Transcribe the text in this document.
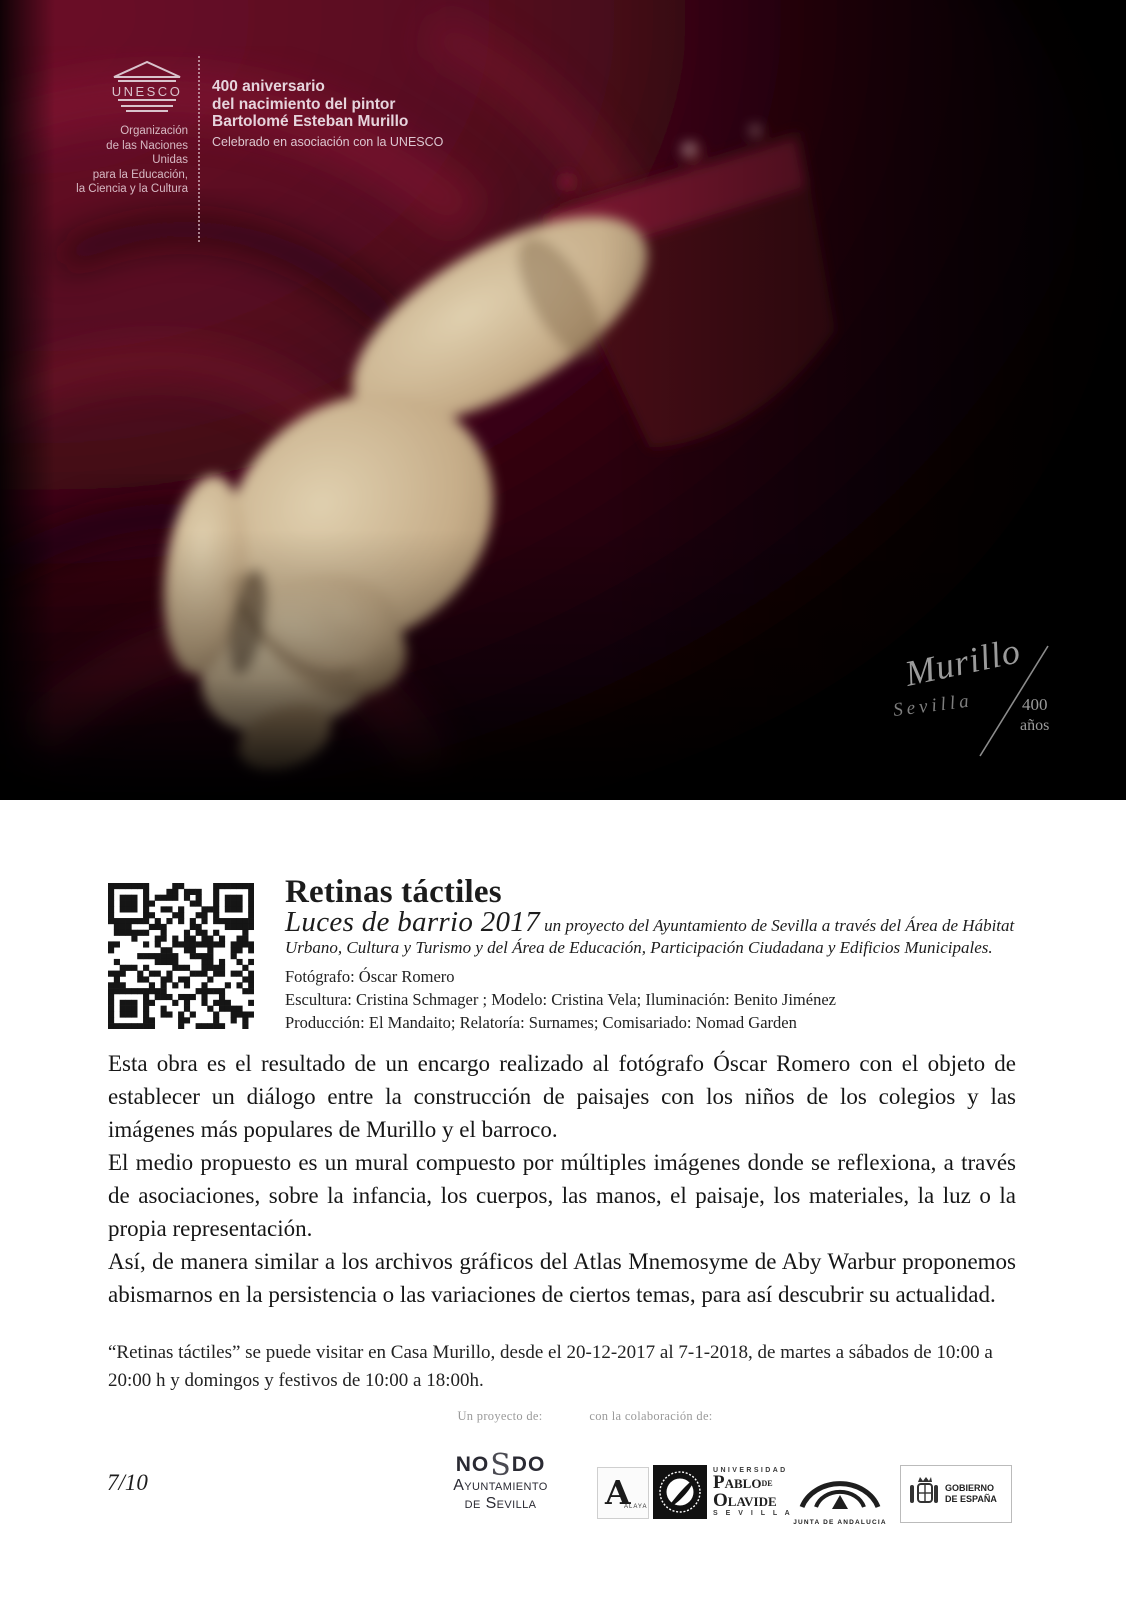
UNESCO
Organización
de las Naciones Unidas
para la Educación,
la Ciencia y la Cultura
400 aniversario
del nacimiento del pintor
Bartolomé Esteban Murillo
Celebrado en asociación con la UNESCO
Murillo
Sevilla	400
años
Retinas táctiles
Luces de barrio 2017 un proyecto del Ayuntamiento de Sevilla a través del Área de Hábitat Urbano, Cultura y Turismo y del Área de Educación, Participación Ciudadana y Edificios Municipales.
Fotógrafo: Óscar Romero
Escultura: Cristina Schmager ; Modelo: Cristina Vela; Iluminación: Benito Jiménez
Producción: El Mandaito; Relatoría: Surnames; Comisariado: Nomad Garden

Esta obra es el resultado de un encargo realizado al fotógrafo Óscar Romero con el objeto de establecer un diálogo entre la construcción de paisajes con los niños de los colegios y las imágenes más populares de Murillo y el barroco.

El medio propuesto es un mural compuesto por múltiples imágenes donde se reflexiona, a través de asociaciones, sobre la infancia, los cuerpos, las manos, el paisaje, los materiales, la luz o la propia representación.

Así, de manera similar a los archivos gráficos del Atlas Mnemosyme de Aby Warbur proponemos abismarnos en la persistencia o las variaciones de ciertos temas, para así descubrir su actualidad.

“Retinas táctiles” se puede visitar en Casa Murillo, desde el 20-12-2017 al 7-1-2018, de martes a sábados de 10:00 a 20:00 h y domingos y festivos de 10:00 a 18:00h.
Un proyecto de:	con la colaboración de:
NO S DO
Ayuntamiento
de Sevilla	A
ALAYA
UNIVERSIDAD
PabloDE
Olavide
S E V I L L A
JUNTA DE ANDALUCIA
GOBIERNO
DE ESPAÑA
7/10
